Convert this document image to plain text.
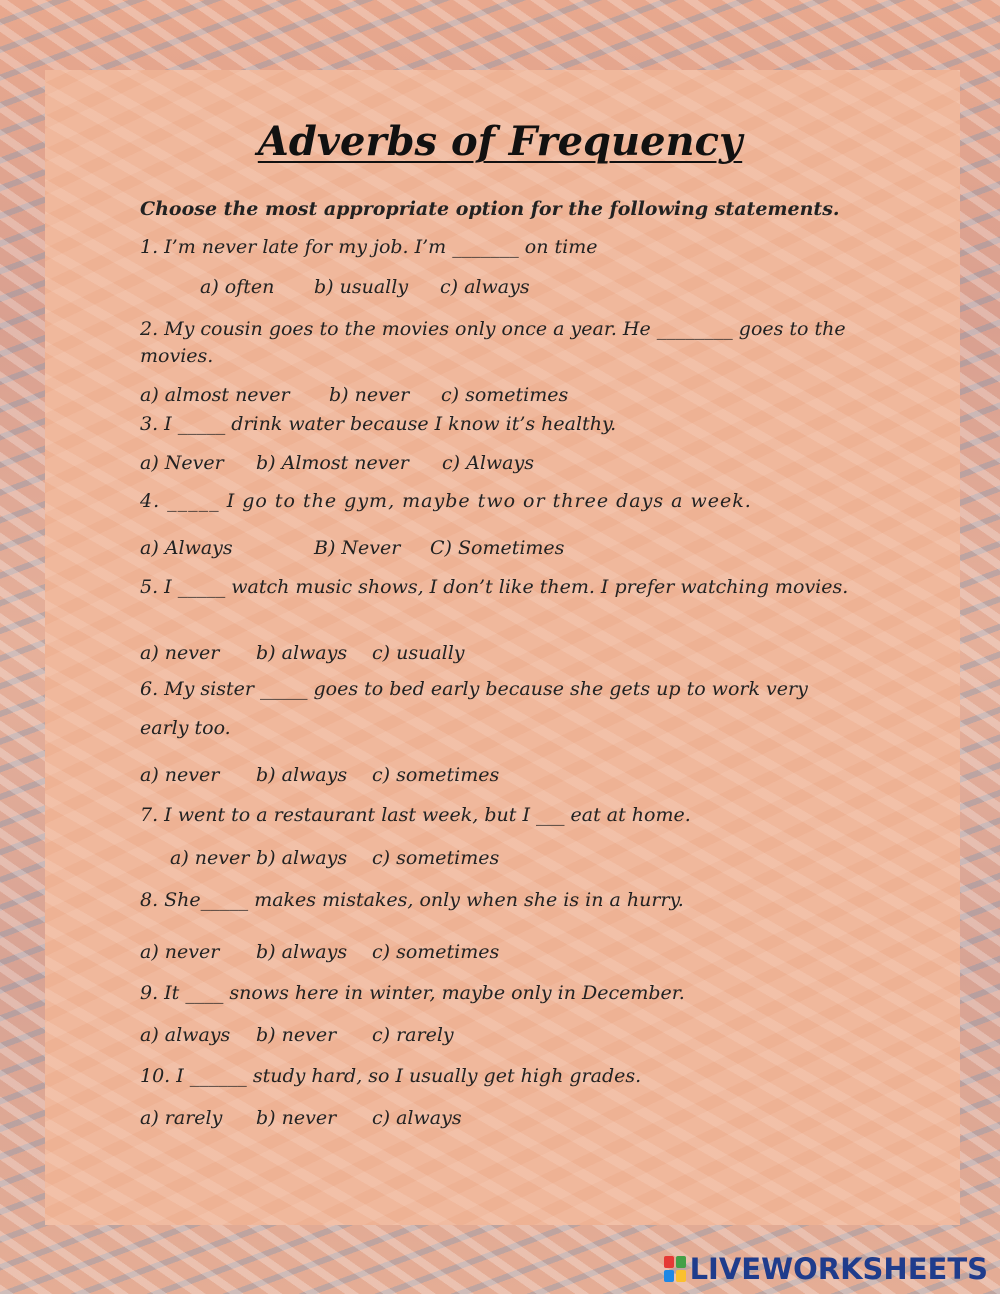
Adverbs of Frequency
Choose the most appropriate option for the following statements.
1. I’m never late for my job. I’m _______ on time
a) often b) usually c) always
2. My cousin goes to the movies only once a year. He ________ goes to the movies.
a) almost never b) never c) sometimes
3. I _____ drink water because I know it’s healthy.
a) Never b) Almost never c) Always
4. _____ I go to the gym, maybe two or three days a week.
a) Always	B) Never C) Sometimes
5. I _____ watch music shows, I don’t like them. I prefer watching movies.
a) never b) always c) usually
6. My sister _____ goes to bed early because she gets up to work very early too.
a) never b) always c) sometimes
7. I went to a restaurant last week, but I ___ eat at home.
a) never b) always c) sometimes
8. She_____ makes mistakes, only when she is in a hurry.
a) never b) always c) sometimes
9. It ____ snows here in winter, maybe only in December.
a) always b) never c) rarely
10. I ______ study hard, so I usually get high grades.
a) rarely b) never c) always
LIVEWORKSHEETS
